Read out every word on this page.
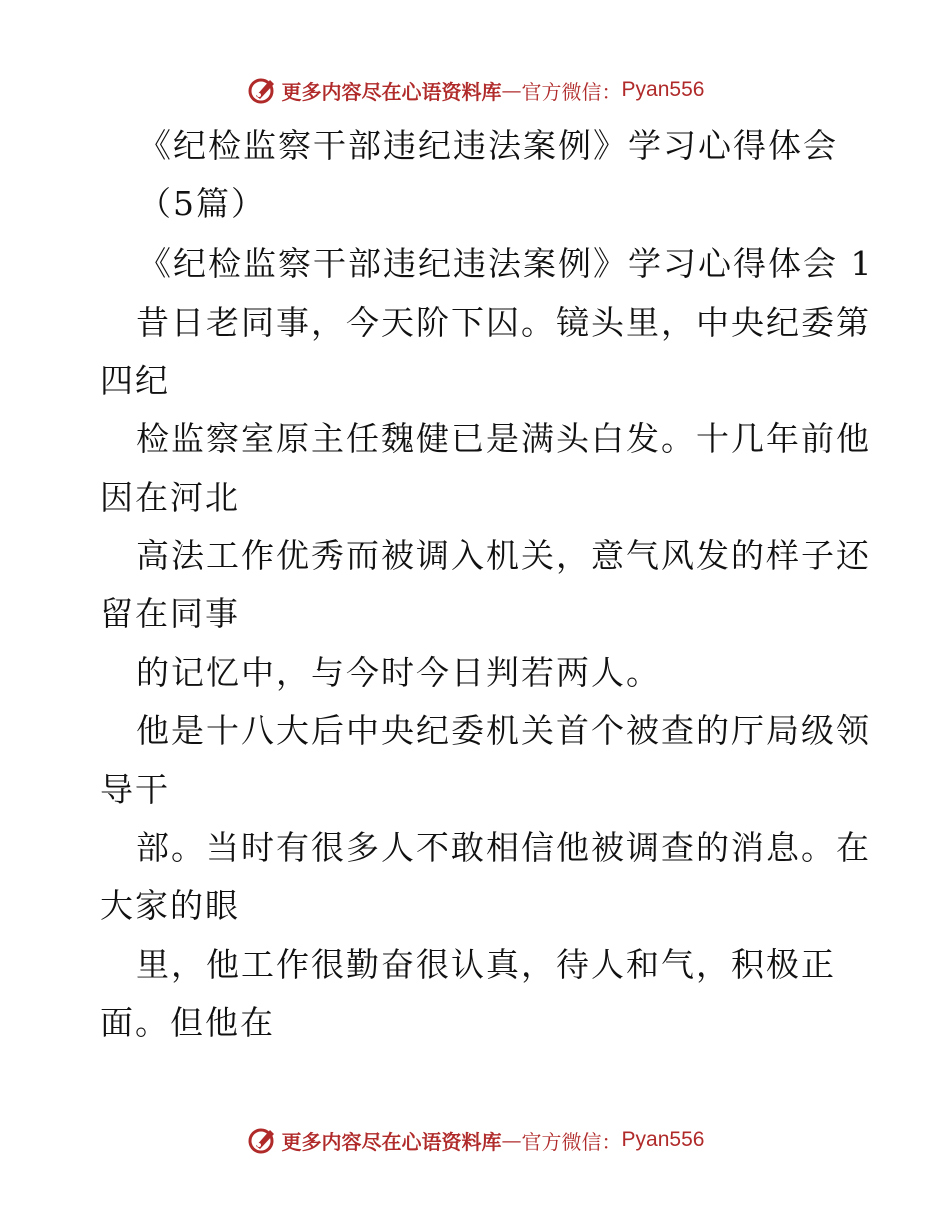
更多内容尽在心语资料库 — 官方微信： Pyan556
《纪检监察干部违纪违法案例》学习心得体会
（5篇）
《纪检监察干部违纪违法案例》学习心得体会 1
昔日老同事，今天阶下囚。镜头里，中央纪委第
四纪
检监察室原主任魏健已是满头白发。十几年前他
因在河北
高法工作优秀而被调入机关，意气风发的样子还
留在同事
的记忆中，与今时今日判若两人。
他是十八大后中央纪委机关首个被查的厅局级领
导干
部。当时有很多人不敢相信他被调查的消息。在
大家的眼
里，他工作很勤奋很认真，待人和气，积极正
面。但他在
更多内容尽在心语资料库 — 官方微信： Pyan556
